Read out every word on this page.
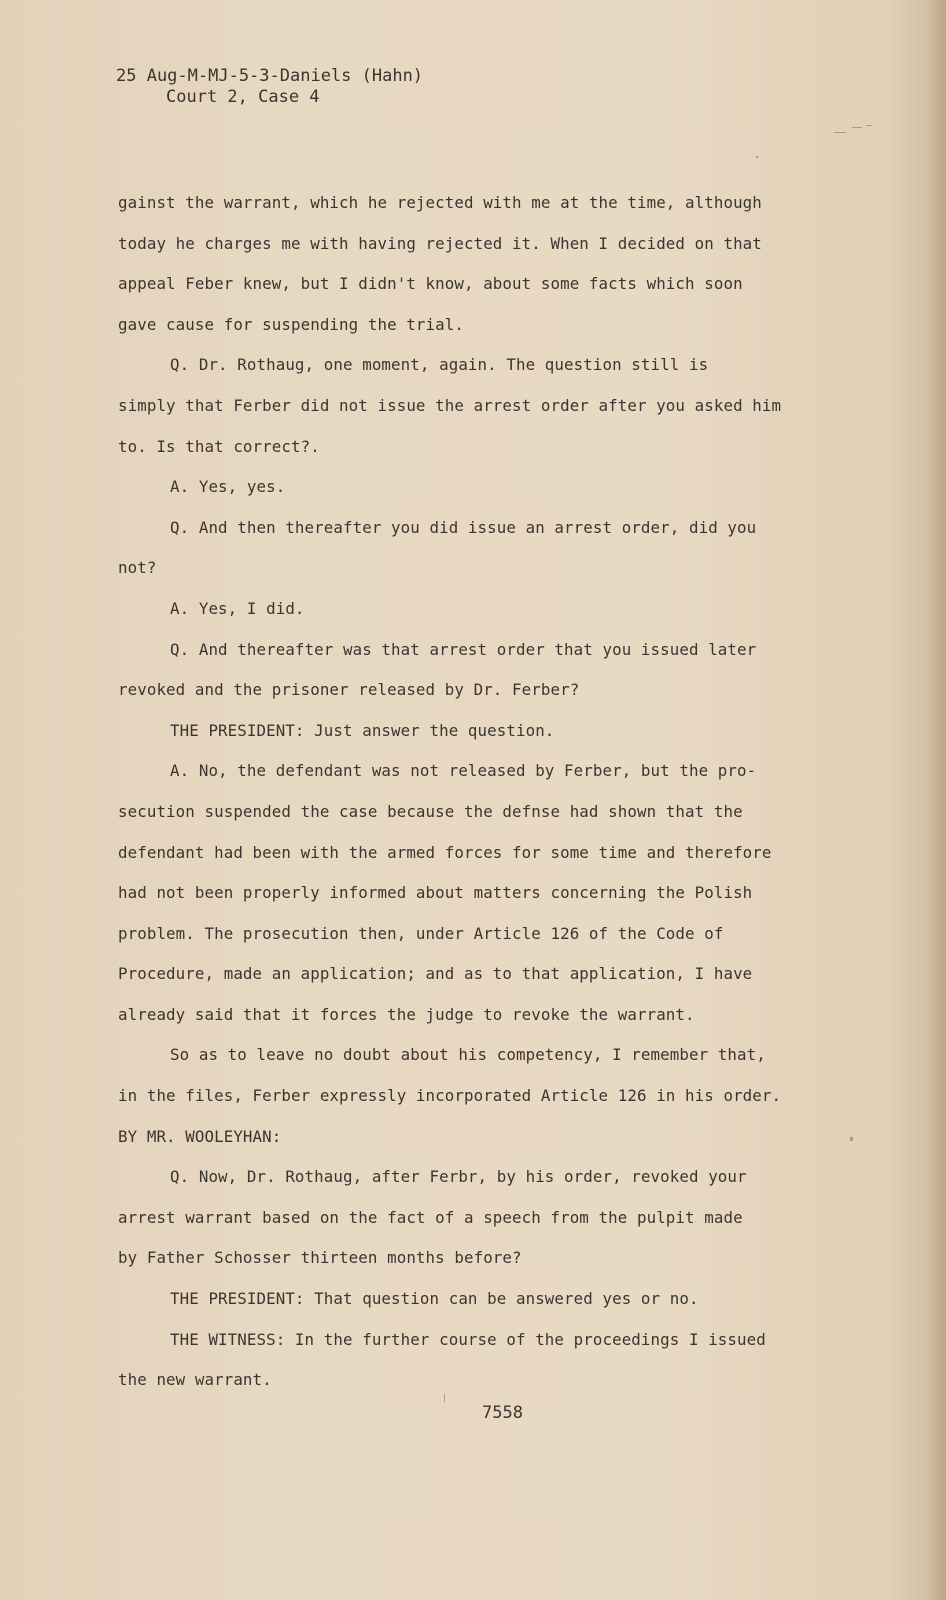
25 Aug-M-MJ-5-3-Daniels (Hahn)
Court 2, Case 4
gainst the warrant, which he rejected with me at the time, although
today he charges me with having rejected it. When I decided on that
appeal Feber knew, but I didn't know, about some facts which soon
gave cause for suspending the trial.
Q. Dr. Rothaug, one moment, again. The question still is
simply that Ferber did not issue the arrest order after you asked him
to. Is that correct?.
A. Yes, yes.
Q. And then thereafter you did issue an arrest order, did you
not?
A. Yes, I did.
Q. And thereafter was that arrest order that you issued later
revoked and the prisoner released by Dr. Ferber?
THE PRESIDENT: Just answer the question.
A. No, the defendant was not released by Ferber, but the pro-
secution suspended the case because the defnse had shown that the
defendant had been with the armed forces for some time and therefore
had not been properly informed about matters concerning the Polish
problem. The prosecution then, under Article 126 of the Code of
Procedure, made an application; and as to that application, I have
already said that it forces the judge to revoke the warrant.
So as to leave no doubt about his competency, I remember that,
in the files, Ferber expressly incorporated Article 126 in his order.
BY MR. WOOLEYHAN:
Q. Now, Dr. Rothaug, after Ferbr, by his order, revoked your
arrest warrant based on the fact of a speech from the pulpit made
by Father Schosser thirteen months before?
THE PRESIDENT: That question can be answered yes or no.
THE WITNESS: In the further course of the proceedings I issued
the new warrant.
7558
